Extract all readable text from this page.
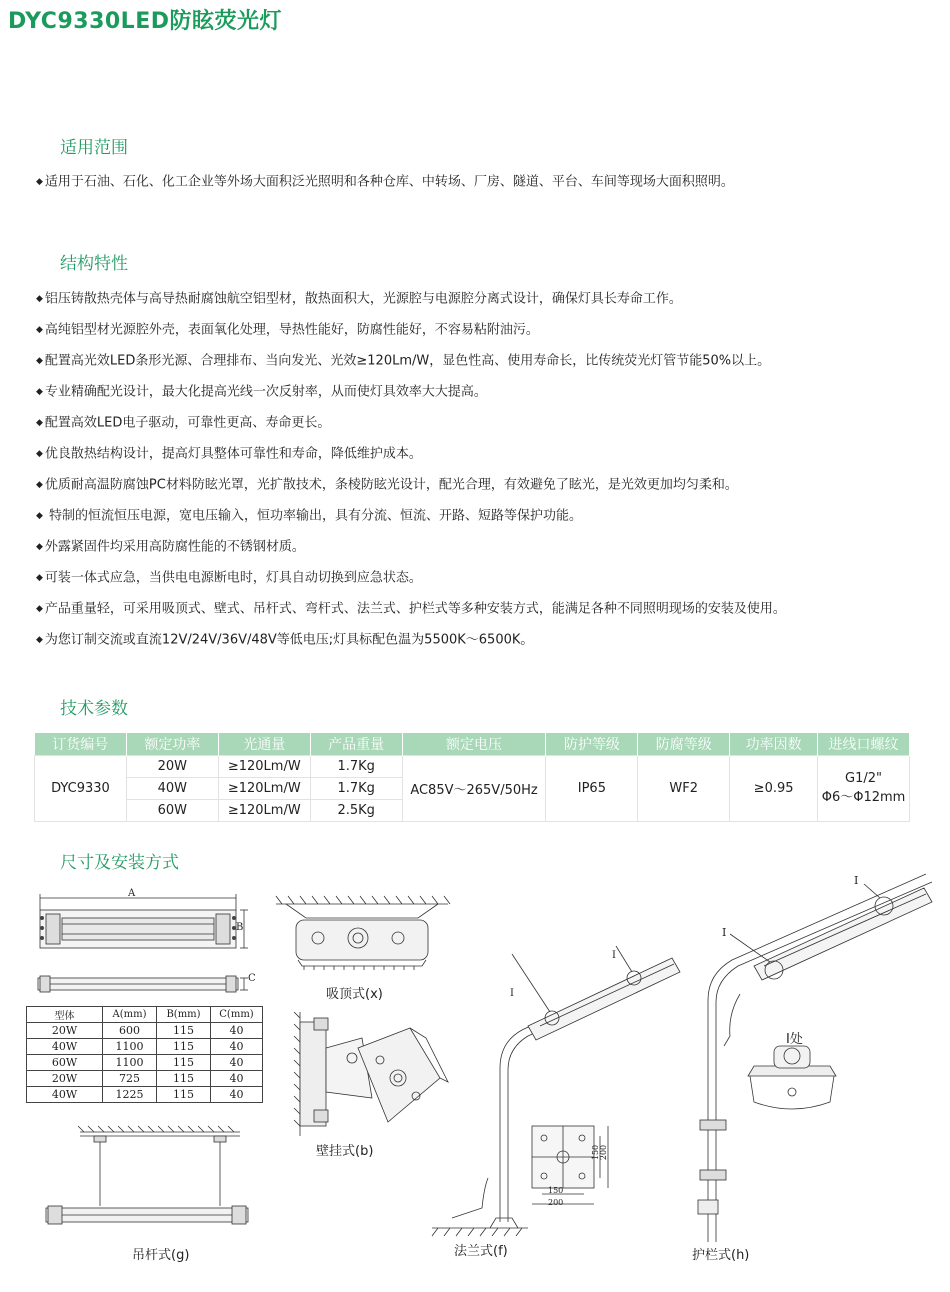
DYC9330LED防眩荧光灯
适用范围
◆ 适用于石油、石化、化工企业等外场大面积泛光照明和各种仓库、中转场、厂房、隧道、平台、车间等现场大面积照明。
结构特性
◆ 铝压铸散热壳体与高导热耐腐蚀航空铝型材，散热面积大，光源腔与电源腔分离式设计，确保灯具长寿命工作。
◆ 高纯铝型材光源腔外壳，表面氧化处理，导热性能好，防腐性能好，不容易粘附油污。
◆ 配置高光效LED条形光源、合理排布、当向发光、光效≥120Lm/W，显色性高、使用寿命长，比传统荧光灯管节能50%以上。
◆ 专业精确配光设计，最大化提高光线一次反射率，从而使灯具效率大大提高。
◆ 配置高效LED电子驱动，可靠性更高、寿命更长。
◆ 优良散热结构设计，提高灯具整体可靠性和寿命，降低维护成本。
◆ 优质耐高温防腐蚀PC材料防眩光罩，光扩散技术，条棱防眩光设计，配光合理，有效避免了眩光，是光效更加均匀柔和。
◆ 特制的恒流恒压电源，宽电压输入，恒功率输出，具有分流、恒流、开路、短路等保护功能。
◆ 外露紧固件均采用高防腐性能的不锈钢材质。
◆ 可装一体式应急，当供电电源断电时，灯具自动切换到应急状态。
◆ 产品重量轻，可采用吸顶式、壁式、吊杆式、弯杆式、法兰式、护栏式等多种安装方式，能满足各种不同照明现场的安装及使用。
◆ 为您订制交流或直流12V/24V/36V/48V等低电压;灯具标配色温为5500K～6500K。
技术参数
订货编号	额定功率	光通量	产品重量	额定电压	防护等级	防腐等级	功率因数	进线口螺纹
DYC9330	20W	≥120Lm/W	1.7Kg	AC85V～265V/50Hz	IP65	WF2	≥0.95	G1/2"
Φ6～Φ12mm

	40W	≥120Lm/W	1.7Kg					
	60W	≥120Lm/W	2.5Kg					
尺寸及安装方式
A
B
C
型体	A(mm)	B(mm)	C(mm)
20W	600	115	40
40W	1100	115	40
60W	1100	115	40
20W	725	115	40
40W	1225	115	40
吊杆式(g)
吸顶式(x)
壁挂式(b)
I
I
150
200
150 200
法兰式(f)
I
I
I处
护栏式(h)
